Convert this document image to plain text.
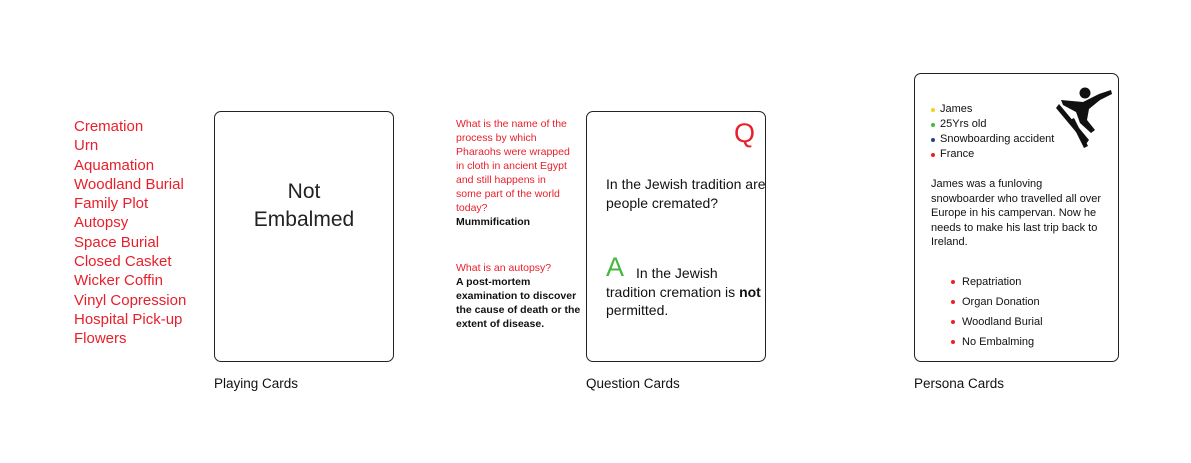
Cremation
Urn
Aquamation
Woodland Burial
Family Plot
Autopsy
Space Burial
Closed Casket
Wicker Coffin
Vinyl Copression
Hospital Pick-up
Flowers
Not
Embalmed
Playing Cards
What is the name of the process by which Pharaohs were wrapped in cloth in ancient Egypt and still happens in some part of the world today?
Mummification
What is an autopsy?
A post-mortem examination to discover the cause of death or the extent of disease.
Q
In the Jewish tradition are people cremated?
A In the Jewish tradition cremation is not permitted.
Question Cards
James
25Yrs old
Snowboarding accident
France
James was a funloving snowboarder who travelled all over Europe in his campervan. Now he needs to make his last trip back to Ireland.
Repatriation
Organ Donation
Woodland Burial
No Embalming
Persona Cards
